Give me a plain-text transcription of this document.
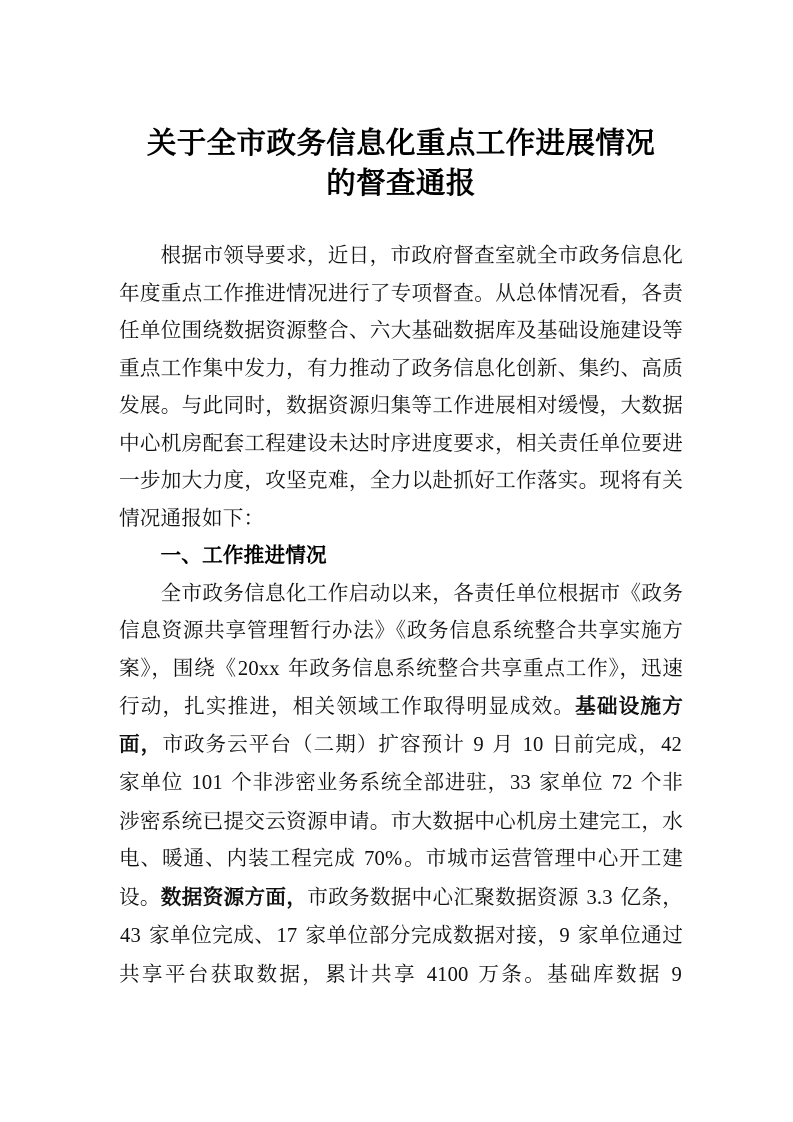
关于全市政务信息化重点工作进展情况
的督查通报

根据市领导要求，近日，市政府督查室就全市政务信息化年度重点工作推进情况进行了专项督查。从总体情况看，各责任单位围绕数据资源整合、六大基础数据库及基础设施建设等重点工作集中发力，有力推动了政务信息化创新、集约、高质发展。与此同时，数据资源归集等工作进展相对缓慢，大数据中心机房配套工程建设未达时序进度要求，相关责任单位要进一步加大力度，攻坚克难，全力以赴抓好工作落实。现将有关情况通报如下：

一、工作推进情况

全市政务信息化工作启动以来，各责任单位根据市《政务信息资源共享管理暂行办法》《政务信息系统整合共享实施方案》，围绕《20xx 年政务信息系统整合共享重点工作》，迅速行动，扎实推进，相关领域工作取得明显成效。基础设施方面，市政务云平台（二期）扩容预计 9 月 10 日前完成，42 家单位 101 个非涉密业务系统全部进驻，33 家单位 72 个非涉密系统已提交云资源申请。市大数据中心机房土建完工，水电、暖通、内装工程完成 70%。市城市运营管理中心开工建设。数据资源方面，市政务数据中心汇聚数据资源 3.3 亿条，43 家单位完成、17 家单位部分完成数据对接，9 家单位通过共享平台获取数据，累计共享 4100 万条。基础库数据 9
